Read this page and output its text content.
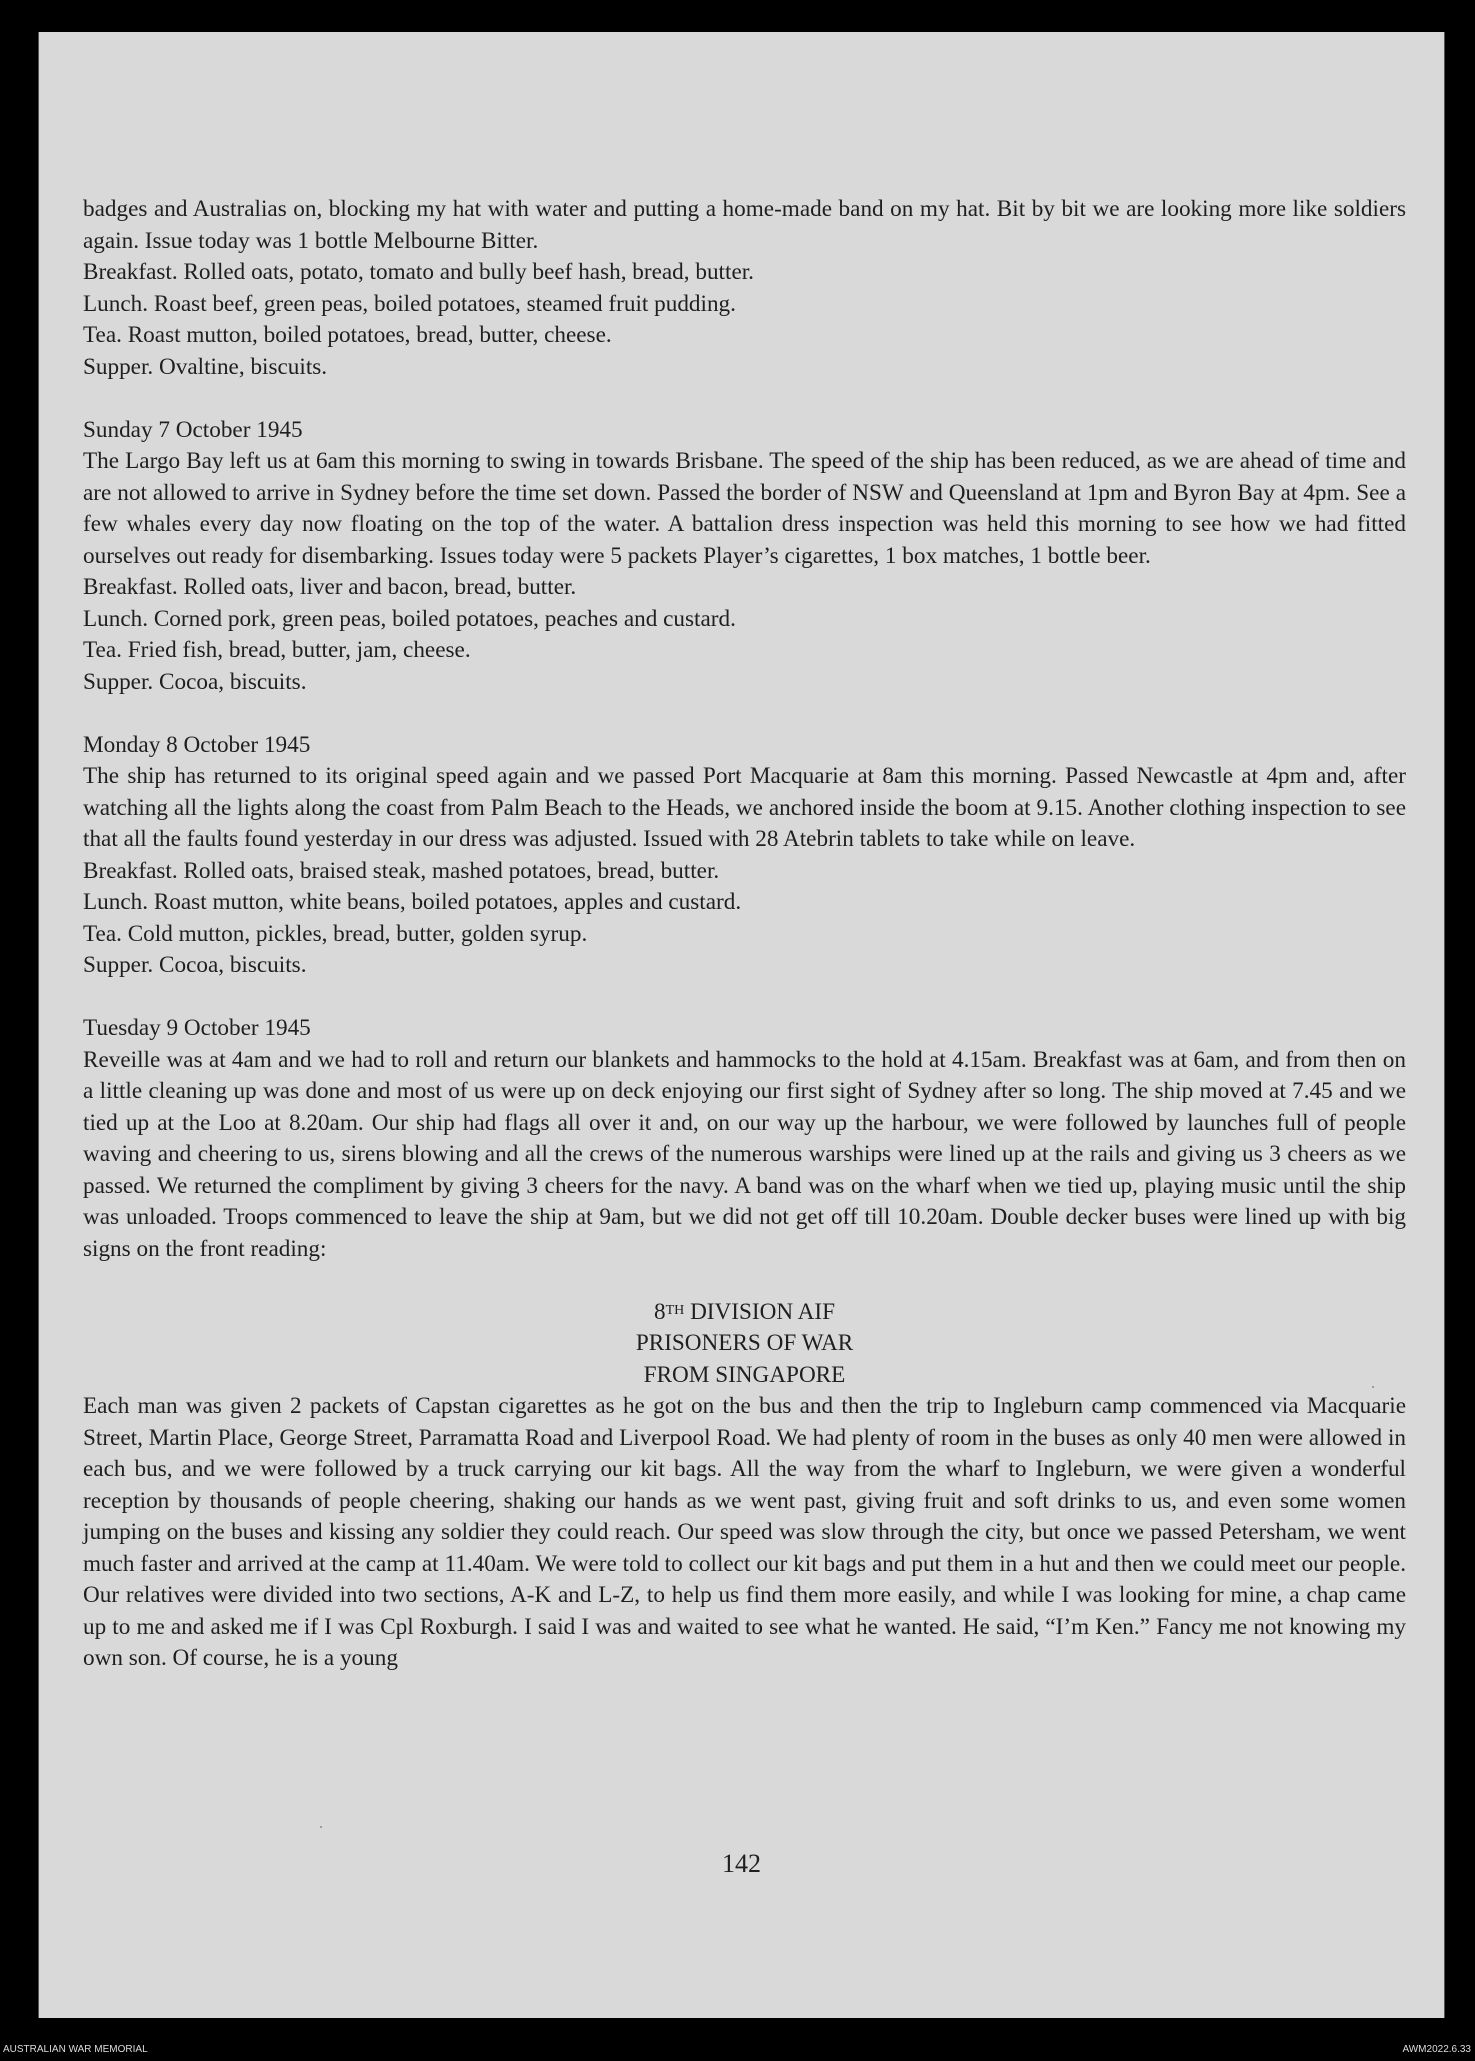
badges and Australias on, blocking my hat with water and putting a home-made band on my hat. Bit by bit we are looking more like soldiers again. Issue today was 1 bottle Melbourne Bitter.

Breakfast. Rolled oats, potato, tomato and bully beef hash, bread, butter.

Lunch. Roast beef, green peas, boiled potatoes, steamed fruit pudding.

Tea. Roast mutton, boiled potatoes, bread, butter, cheese.

Supper. Ovaltine, biscuits.

Sunday 7 October 1945

The Largo Bay left us at 6am this morning to swing in towards Brisbane. The speed of the ship has been reduced, as we are ahead of time and are not allowed to arrive in Sydney before the time set down. Passed the border of NSW and Queensland at 1pm and Byron Bay at 4pm. See a few whales every day now floating on the top of the water. A battalion dress inspection was held this morning to see how we had fitted ourselves out ready for disembarking. Issues today were 5 packets Player’s cigarettes, 1 box matches, 1 bottle beer.

Breakfast. Rolled oats, liver and bacon, bread, butter.

Lunch. Corned pork, green peas, boiled potatoes, peaches and custard.

Tea. Fried fish, bread, butter, jam, cheese.

Supper. Cocoa, biscuits.

Monday 8 October 1945

The ship has returned to its original speed again and we passed Port Macquarie at 8am this morning. Passed Newcastle at 4pm and, after watching all the lights along the coast from Palm Beach to the Heads, we anchored inside the boom at 9.15. Another clothing inspection to see that all the faults found yesterday in our dress was adjusted. Issued with 28 Atebrin tablets to take while on leave.

Breakfast. Rolled oats, braised steak, mashed potatoes, bread, butter.

Lunch. Roast mutton, white beans, boiled potatoes, apples and custard.

Tea. Cold mutton, pickles, bread, butter, golden syrup.

Supper. Cocoa, biscuits.

Tuesday 9 October 1945

Reveille was at 4am and we had to roll and return our blankets and hammocks to the hold at 4.15am. Breakfast was at 6am, and from then on a little cleaning up was done and most of us were up on deck enjoying our first sight of Sydney after so long. The ship moved at 7.45 and we tied up at the Loo at 8.20am. Our ship had flags all over it and, on our way up the harbour, we were followed by launches full of people waving and cheering to us, sirens blowing and all the crews of the numerous warships were lined up at the rails and giving us 3 cheers as we passed. We returned the compliment by giving 3 cheers for the navy. A band was on the wharf when we tied up, playing music until the ship was unloaded. Troops commenced to leave the ship at 9am, but we did not get off till 10.20am. Double decker buses were lined up with big signs on the front reading:

8TH DIVISION AIF

PRISONERS OF WAR

FROM SINGAPORE

Each man was given 2 packets of Capstan cigarettes as he got on the bus and then the trip to Ingleburn camp commenced via Macquarie Street, Martin Place, George Street, Parramatta Road and Liverpool Road. We had plenty of room in the buses as only 40 men were allowed in each bus, and we were followed by a truck carrying our kit bags. All the way from the wharf to Ingleburn, we were given a wonderful reception by thousands of people cheering, shaking our hands as we went past, giving fruit and soft drinks to us, and even some women jumping on the buses and kissing any soldier they could reach. Our speed was slow through the city, but once we passed Petersham, we went much faster and arrived at the camp at 11.40am. We were told to collect our kit bags and put them in a hut and then we could meet our people. Our relatives were divided into two sections, A-K and L-Z, to help us find them more easily, and while I was looking for mine, a chap came up to me and asked me if I was Cpl Roxburgh. I said I was and waited to see what he wanted. He said, “I’m Ken.” Fancy me not knowing my own son. Of course, he is a young

142
AUSTRALIAN WAR MEMORIAL	AWM2022.6.33
